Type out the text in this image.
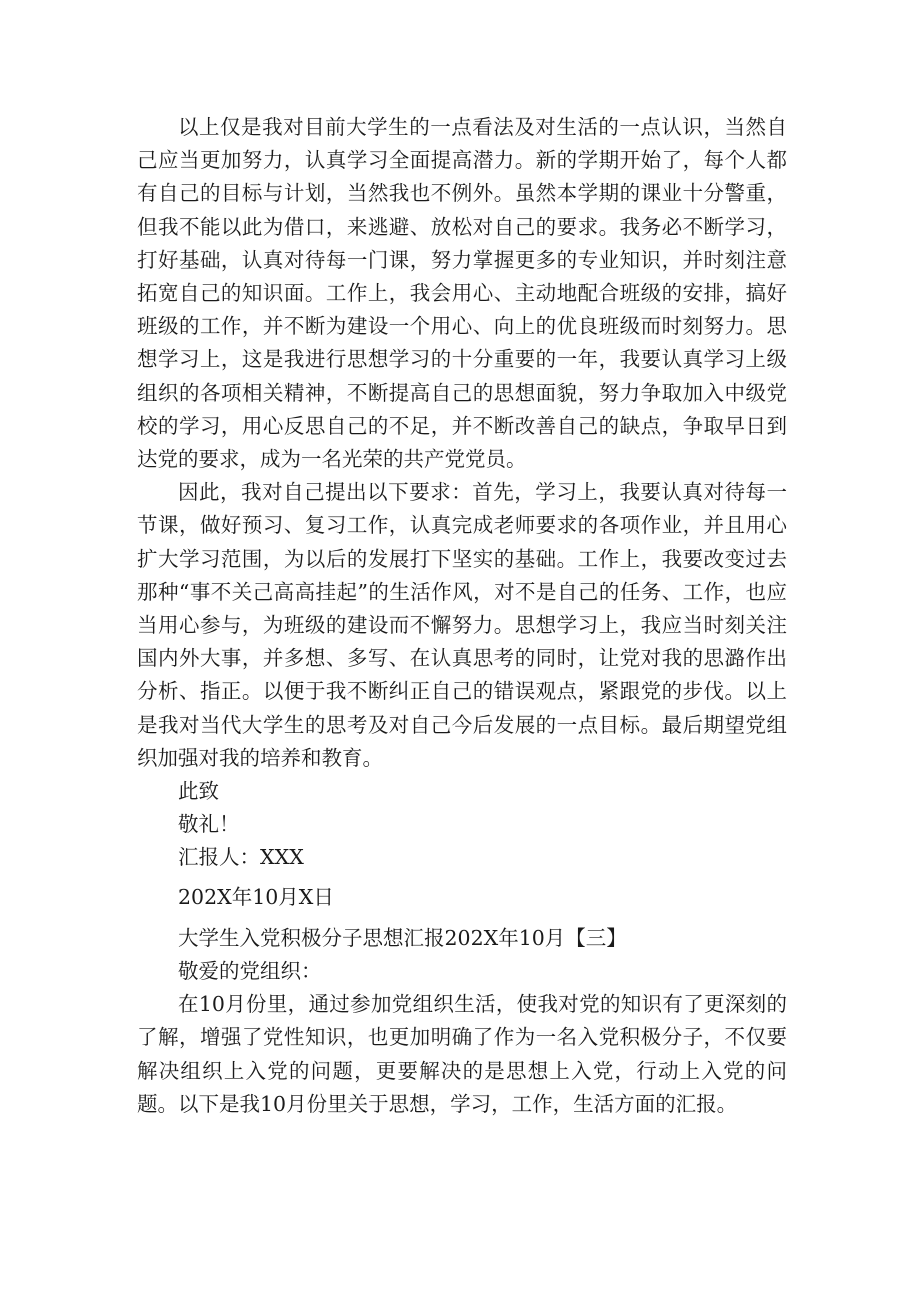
以上仅是我对目前大学生的一点看法及对生活的一点认识，当然自己应当更加努力，认真学习全面提高潜力。新的学期开始了，每个人都有自己的目标与计划，当然我也不例外。虽然本学期的课业十分警重，但我不能以此为借口，来逃避、放松对自己的要求。我务必不断学习，打好基础，认真对待每一门课，努力掌握更多的专业知识，并时刻注意拓宽自己的知识面。工作上，我会用心、主动地配合班级的安排，搞好班级的工作，并不断为建设一个用心、向上的优良班级而时刻努力。思想学习上，这是我进行思想学习的十分重要的一年，我要认真学习上级组织的各项相关精神，不断提高自己的思想面貌，努力争取加入中级党校的学习，用心反思自己的不足，并不断改善自己的缺点，争取早日到达党的要求，成为一名光荣的共产党党员。

因此，我对自己提出以下要求：首先，学习上，我要认真对待每一节课，做好预习、复习工作，认真完成老师要求的各项作业，并且用心扩大学习范围，为以后的发展打下坚实的基础。工作上，我要改变过去那种“事不关己高高挂起”的生活作风，对不是自己的任务、工作，也应当用心参与，为班级的建设而不懈努力。思想学习上，我应当时刻关注国内外大事，并多想、多写、在认真思考的同时，让党对我的思潞作出分析、指正。以便于我不断纠正自己的错误观点，紧跟党的步伐。以上是我对当代大学生的思考及对自己今后发展的一点目标。最后期望党组织加强对我的培养和教育。

此致

敬礼！

汇报人：XXX

202X年10月X日

大学生入党积极分子思想汇报202X年10月【三】

敬爱的党组织：

在10月份里，通过参加党组织生活，使我对党的知识有了更深刻的了解，增强了党性知识，也更加明确了作为一名入党积极分子，不仅要解决组织上入党的问题，更要解决的是思想上入党，行动上入党的问题。以下是我10月份里关于思想，学习，工作，生活方面的汇报。
